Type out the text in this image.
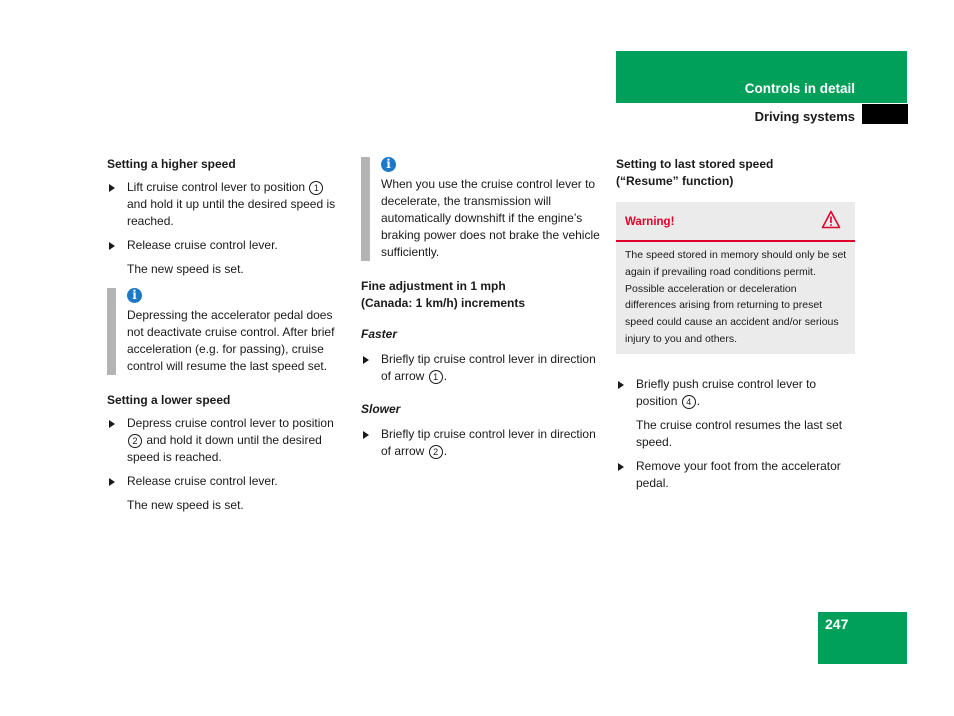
Controls in detail
Driving systems
Setting a higher speed
Lift cruise control lever to position 1 and hold it up until the desired speed is reached.
Release cruise control lever.
The new speed is set.
i
Depressing the accelerator pedal does not deactivate cruise control. After brief acceleration (e.g. for passing), cruise control will resume the last speed set.
Setting a lower speed
Depress cruise control lever to position 2 and hold it down until the desired speed is reached.
Release cruise control lever.
The new speed is set.
i
When you use the cruise control lever to decelerate, the transmission will automatically downshift if the engine’s braking power does not brake the vehicle sufficiently.
Fine adjustment in 1 mph
(Canada: 1 km/h) increments
Faster
Briefly tip cruise control lever in direction of arrow 1 .
Slower
Briefly tip cruise control lever in direction of arrow 2 .
Setting to last stored speed
(“Resume” function)
Warning!
The speed stored in memory should only be set again if prevailing road conditions permit. Possible acceleration or deceleration differences arising from returning to preset speed could cause an accident and/or serious injury to you and others.
Briefly push cruise control lever to position 4 .
The cruise control resumes the last set speed.
Remove your foot from the accelerator pedal.
247
